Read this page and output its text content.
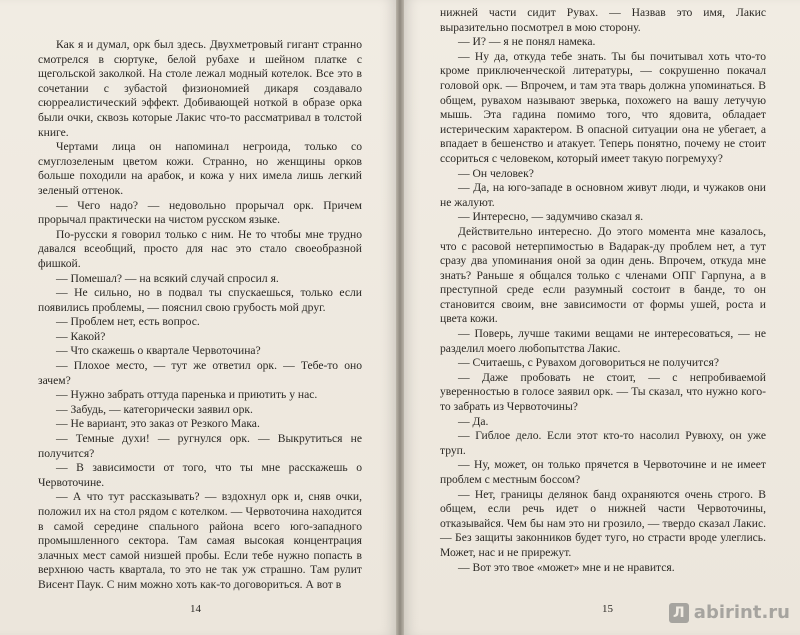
Как я и думал, орк был здесь. Двухметровый гигант странно смотрелся в сюртуке, белой рубахе и шейном платке с щегольской заколкой. На столе лежал модный котелок. Все это в сочетании с зубастой физиономией дикаря создавало сюрреалистический эффект. Добивающей ноткой в образе орка были очки, сквозь которые Лакис что-то рассматривал в толстой книге.

Чертами лица он напоминал негроида, только со смуглозеленым цветом кожи. Странно, но женщины орков больше походили на арабок, и кожа у них имела лишь легкий зеленый оттенок.

— Чего надо? — недовольно прорычал орк. Причем прорычал практически на чистом русском языке.

По-русски я говорил только с ним. Не то чтобы мне трудно давался всеобщий, просто для нас это стало своеобразной фишкой.

— Помешал? — на всякий случай спросил я.

— Не сильно, но в подвал ты спускаешься, только если появились проблемы, — пояснил свою грубость мой друг.

— Проблем нет, есть вопрос.

— Какой?

— Что скажешь о квартале Червоточина?

— Плохое место, — тут же ответил орк. — Тебе-то оно зачем?

— Нужно забрать оттуда паренька и приютить у нас.

— Забудь, — категорически заявил орк.

— Не вариант, это заказ от Резкого Мака.

— Темные духи! — ругнулся орк. — Выкрутиться не получится?

— В зависимости от того, что ты мне расскажешь о Червоточине.

— А что тут рассказывать? — вздохнул орк и, сняв очки, положил их на стол рядом с котелком. — Червоточина находится в самой середине спального района всего юго-западного промышленного сектора. Там самая высокая концентрация злачных мест самой низшей пробы. Если тебе нужно попасть в верхнюю часть квартала, то это не так уж страшно. Там рулит Висент Паук. С ним можно хоть как-то договориться. А вот в

14

нижней части сидит Рувах. — Назвав это имя, Лакис выразительно посмотрел в мою сторону.

— И? — я не понял намека.

— Ну да, откуда тебе знать. Ты бы почитывал хоть что-то кроме приключенческой литературы, — сокрушенно покачал головой орк. — Впрочем, и там эта тварь должна упоминаться. В общем, рувахом называют зверька, похожего на вашу летучую мышь. Эта гадина помимо того, что ядовита, обладает истерическим характером. В опасной ситуации она не убегает, а впадает в бешенство и атакует. Теперь понятно, почему не стоит ссориться с человеком, который имеет такую погремуху?

— Он человек?

— Да, на юго-западе в основном живут люди, и чужаков они не жалуют.

— Интересно, — задумчиво сказал я.

Действительно интересно. До этого момента мне казалось, что с расовой нетерпимостью в Вадарак-ду проблем нет, а тут сразу два упоминания оной за один день. Впрочем, откуда мне знать? Раньше я общался только с членами ОПГ Гарпуна, а в преступной среде если разумный состоит в банде, то он становится своим, вне зависимости от формы ушей, роста и цвета кожи.

— Поверь, лучше такими вещами не интересоваться, — не разделил моего любопытства Лакис.

— Считаешь, с Рувахом договориться не получится?

— Даже пробовать не стоит, — с непробиваемой уверенностью в голосе заявил орк. — Ты сказал, что нужно кого-то забрать из Червоточины?

— Да.

— Гиблое дело. Если этот кто-то насолил Рувюху, он уже труп.

— Ну, может, он только прячется в Червоточине и не имеет проблем с местным боссом?

— Нет, границы делянок банд охраняются очень строго. В общем, если речь идет о нижней части Червоточины, отказывайся. Чем бы нам это ни грозило, — твердо сказал Лакис. — Без защиты законников будет туго, но страсти вроде улеглись. Может, нас и не прирежут.

— Вот это твое «может» мне и не нравится.

15	Л abirint.ru
